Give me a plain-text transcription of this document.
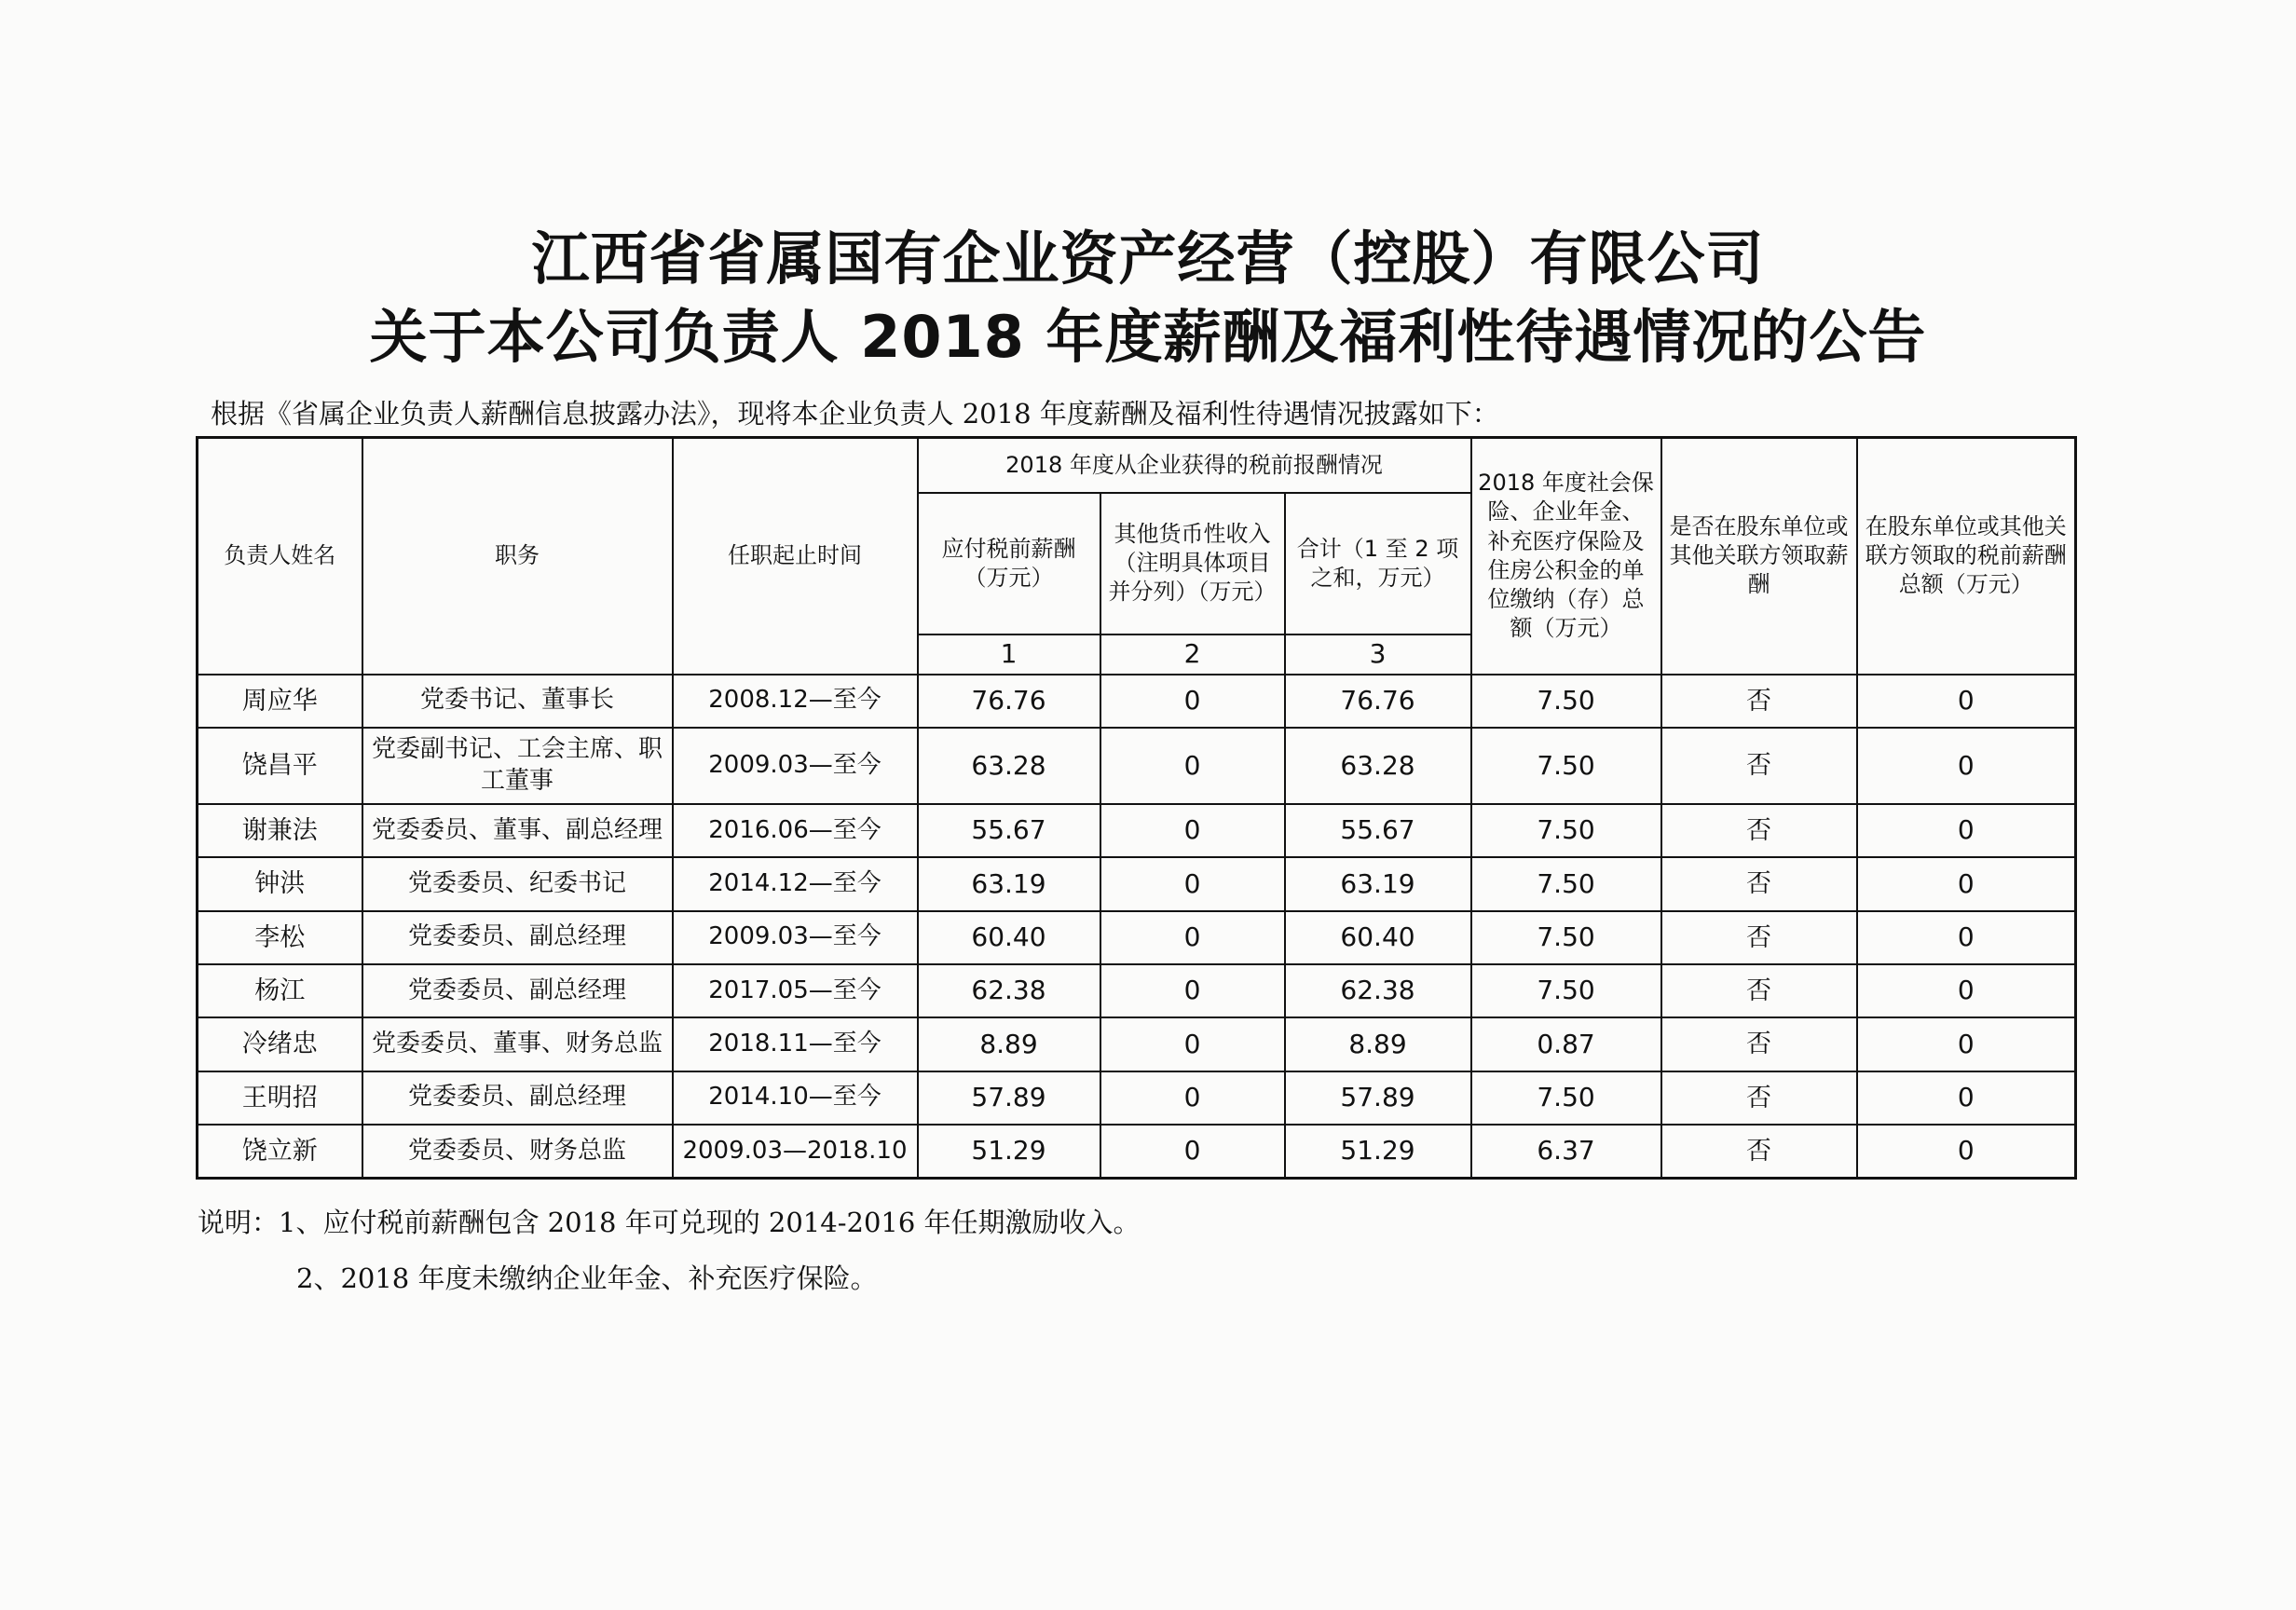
江西省省属国有企业资产经营（控股）有限公司
关于本公司负责人 2018 年度薪酬及福利性待遇情况的公告
根据《省属企业负责人薪酬信息披露办法》，现将本企业负责人 2018 年度薪酬及福利性待遇情况披露如下：
负责人姓名	职务	任职起止时间	2018 年度从企业获得的税前报酬情况			2018 年度社会保险、企业年金、补充医疗保险及住房公积金的单位缴纳（存）总额（万元）	是否在股东单位或其他关联方领取薪酬	在股东单位或其他关联方领取的税前薪酬总额（万元）
			应付税前薪酬（万元）	其他货币性收入（注明具体项目并分列）（万元）	合计（1 至 2 项之和，万元）			
			1	2	3			
周应华	党委书记、董事长	2008.12—至今	76.76	0	76.76	7.50	否	0
饶昌平	党委副书记、工会主席、职工董事	2009.03—至今	63.28	0	63.28	7.50	否	0
谢兼法	党委委员、董事、副总经理	2016.06—至今	55.67	0	55.67	7.50	否	0
钟洪	党委委员、纪委书记	2014.12—至今	63.19	0	63.19	7.50	否	0
李松	党委委员、副总经理	2009.03—至今	60.40	0	60.40	7.50	否	0
杨江	党委委员、副总经理	2017.05—至今	62.38	0	62.38	7.50	否	0
冷绪忠	党委委员、董事、财务总监	2018.11—至今	8.89	0	8.89	0.87	否	0
王明招	党委委员、副总经理	2014.10—至今	57.89	0	57.89	7.50	否	0
饶立新	党委委员、财务总监	2009.03—2018.10	51.29	0	51.29	6.37	否	0
说明：1、应付税前薪酬包含 2018 年可兑现的 2014-2016 年任期激励收入。
2、2018 年度未缴纳企业年金、补充医疗保险。
